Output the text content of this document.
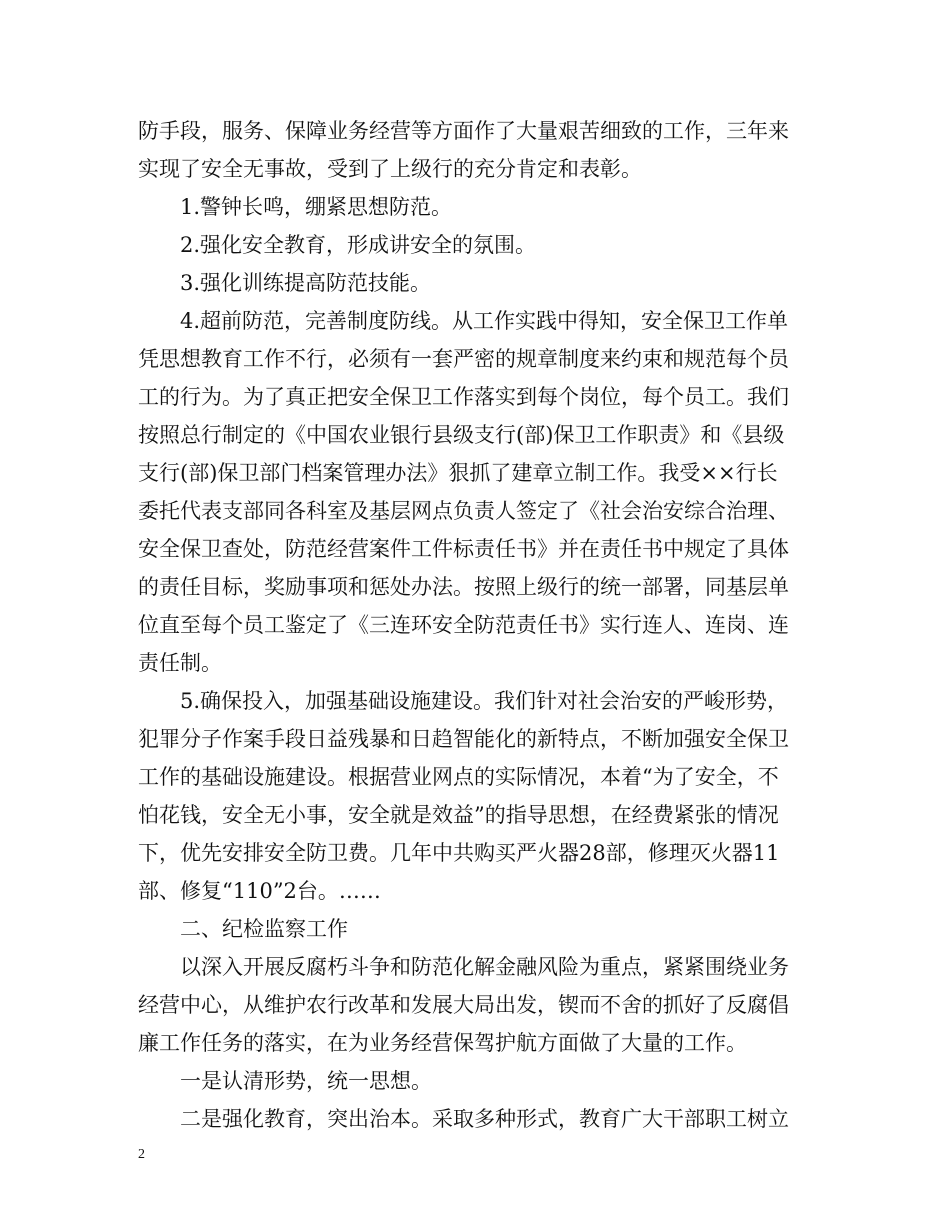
防手段，服务、保障业务经营等方面作了大量艰苦细致的工作，三年来
实现了安全无事故，受到了上级行的充分肯定和表彰。
1.警钟长鸣，绷紧思想防范。
2.强化安全教育，形成讲安全的氛围。
3.强化训练提高防范技能。
4.超前防范，完善制度防线。从工作实践中得知，安全保卫工作单
凭思想教育工作不行，必须有一套严密的规章制度来约束和规范每个员
工的行为。为了真正把安全保卫工作落实到每个岗位，每个员工。我们
按照总行制定的《中国农业银行县级支行(部)保卫工作职责》和《县级
支行(部)保卫部门档案管理办法》狠抓了建章立制工作。我受××行长
委托代表支部同各科室及基层网点负责人签定了《社会治安综合治理、
安全保卫查处，防范经营案件工件标责任书》并在责任书中规定了具体
的责任目标，奖励事项和惩处办法。按照上级行的统一部署，同基层单
位直至每个员工鉴定了《三连环安全防范责任书》实行连人、连岗、连
责任制。
5.确保投入，加强基础设施建设。我们针对社会治安的严峻形势，
犯罪分子作案手段日益残暴和日趋智能化的新特点，不断加强安全保卫
工作的基础设施建设。根据营业网点的实际情况，本着“为了安全，不
怕花钱，安全无小事，安全就是效益”的指导思想，在经费紧张的情况
下，优先安排安全防卫费。几年中共购买严火器28部，修理灭火器11
部、修复“110”2台。……
二、纪检监察工作
以深入开展反腐朽斗争和防范化解金融风险为重点，紧紧围绕业务
经营中心，从维护农行改革和发展大局出发，锲而不舍的抓好了反腐倡
廉工作任务的落实，在为业务经营保驾护航方面做了大量的工作。
一是认清形势，统一思想。
二是强化教育，突出治本。采取多种形式，教育广大干部职工树立
2
